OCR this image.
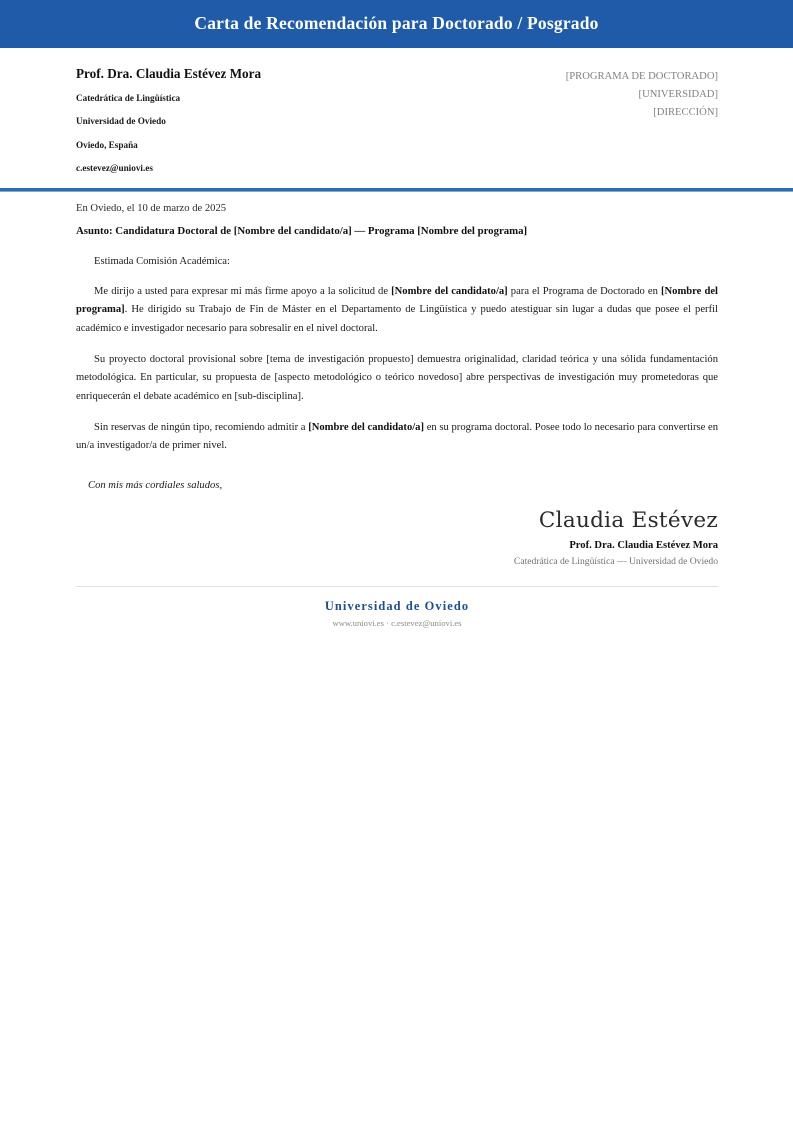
Carta de Recomendación para Doctorado / Posgrado
Prof. Dra. Claudia Estévez Mora
Catedrática de Lingüística
Universidad de Oviedo
Oviedo, España
c.estevez@uniovi.es
[PROGRAMA DE DOCTORADO]
[UNIVERSIDAD]
[DIRECCIÓN]
En Oviedo, el 10 de marzo de 2025
Asunto: Candidatura Doctoral de [Nombre del candidato/a] — Programa [Nombre del programa]
Estimada Comisión Académica:

Me dirijo a usted para expresar mi más firme apoyo a la solicitud de [Nombre del candidato/a] para el Programa de Doctorado en [Nombre del programa]. He dirigido su Trabajo de Fin de Máster en el Departamento de Lingüística y puedo atestiguar sin lugar a dudas que posee el perfil académico e investigador necesario para sobresalir en el nivel doctoral.

Su proyecto doctoral provisional sobre [tema de investigación propuesto] demuestra originalidad, claridad teórica y una sólida fundamentación metodológica. En particular, su propuesta de [aspecto metodológico o teórico novedoso] abre perspectivas de investigación muy prometedoras que enriquecerán el debate académico en [sub-disciplina].

Sin reservas de ningún tipo, recomiendo admitir a [Nombre del candidato/a] en su programa doctoral. Posee todo lo necesario para convertirse en un/a investigador/a de primer nivel.

Con mis más cordiales saludos,
Claudia Estévez
Prof. Dra. Claudia Estévez Mora
Catedrática de Lingüística — Universidad de Oviedo
Universidad de Oviedo
www.uniovi.es · c.estevez@uniovi.es
